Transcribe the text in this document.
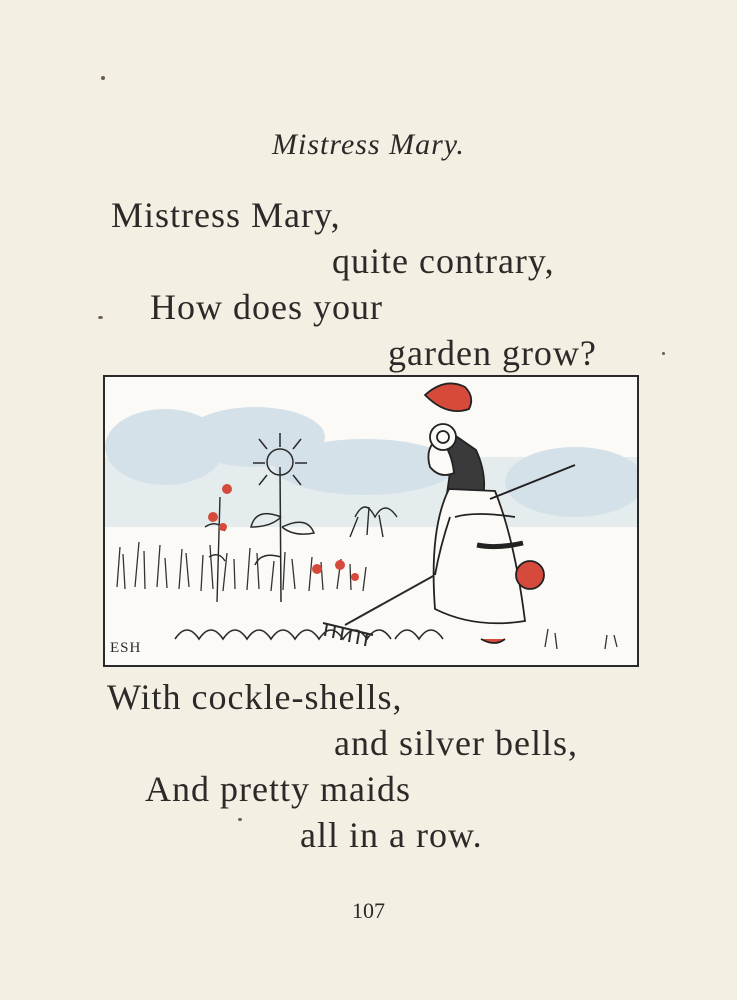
Mistress Mary.
Mistress Mary,
quite contrary,
How does your
garden grow?
ESH
With cockle-shells,
and silver bells,
And pretty maids
all in a row.
107
